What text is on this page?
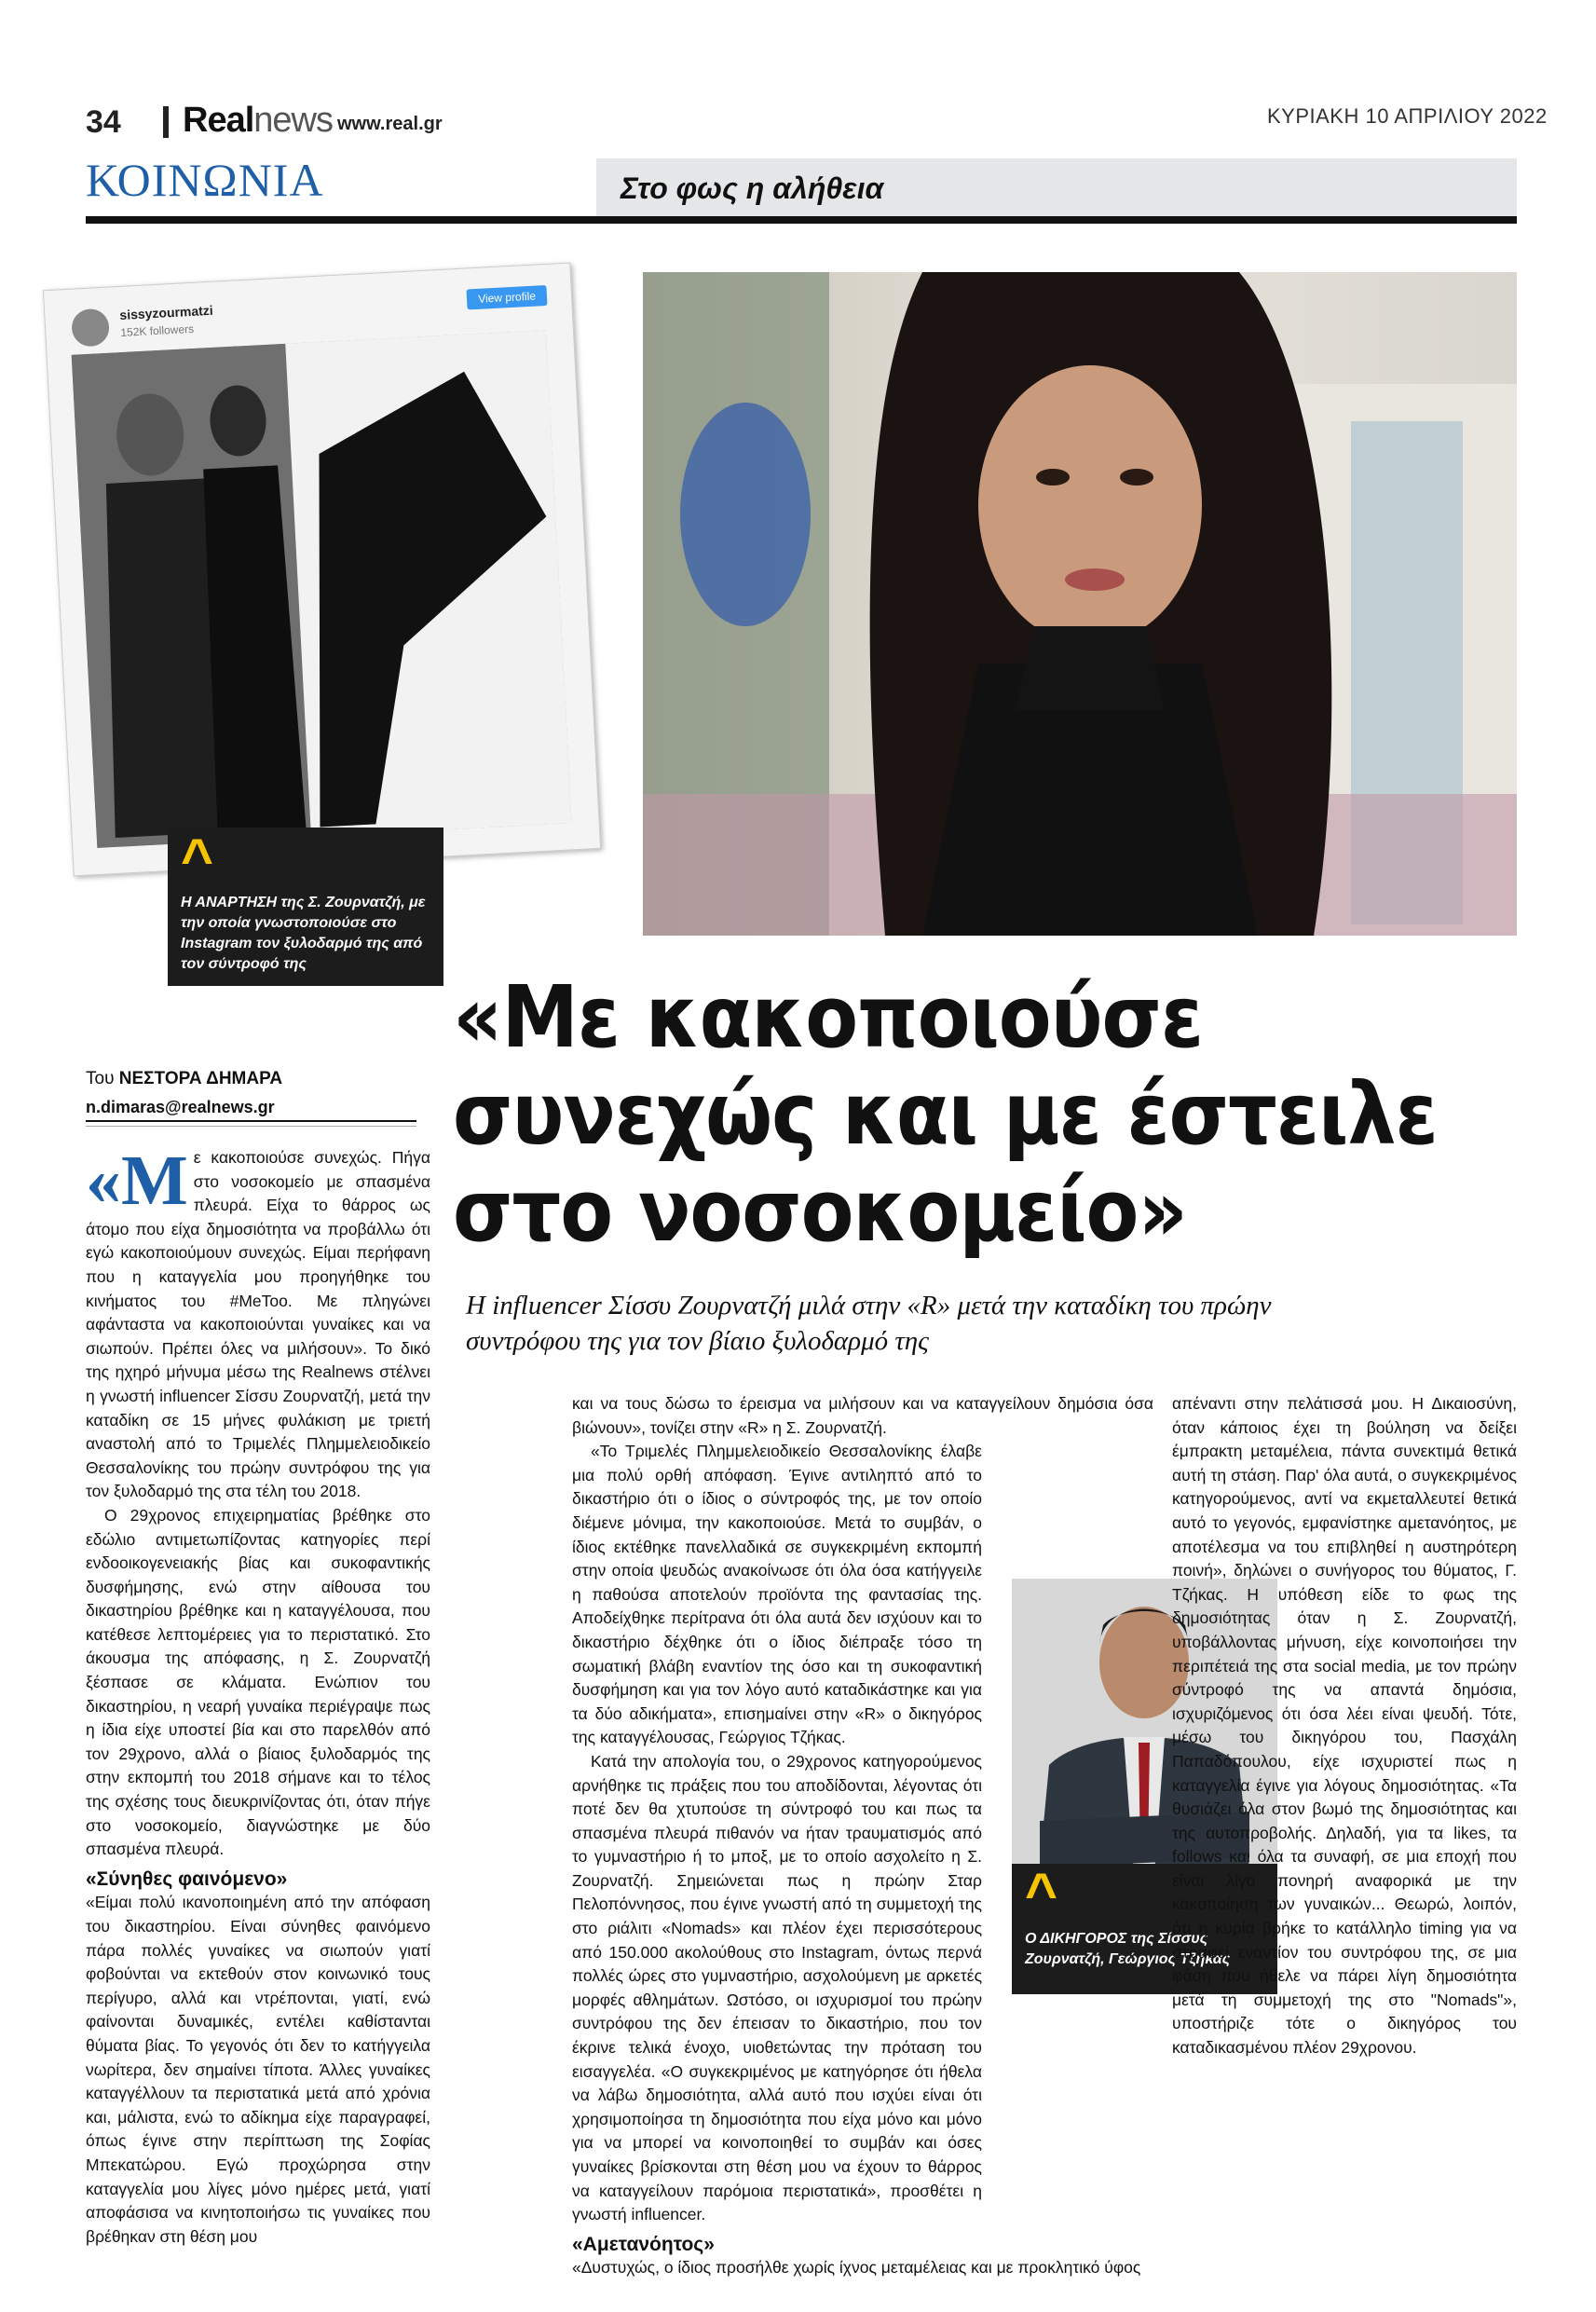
34 Realnews www.real.gr	ΚΥΡΙΑΚΗ 10 ΑΠΡΙΛΙΟΥ 2022
ΚΟΙΝΩΝΙΑ	Στο φως η αλήθεια
sissyzourmatzi
152K followers
View profile
^
Η ΑΝΑΡΤΗΣΗ της Σ. Ζουρνατζή, με την οποία γνωστοποιούσε στο Instagram τον ξυλοδαρμό της από τον σύντροφό της
«Με κακοποιούσε συνεχώς και με έστειλε στο νοσοκομείο»
Η influencer Σίσσυ Ζουρνατζή μιλά στην «R» μετά την καταδίκη του πρώην συντρόφου της για τον βίαιο ξυλοδαρμό της
Του ΝΕΣΤΟΡΑ ΔΗΜΑΡΑ
n.dimaras@realnews.gr
«Μ ε κακοποιούσε συνεχώς. Πήγα στο νοσοκομείο με σπασμένα πλευρά. Είχα το θάρρος ως άτομο που είχα δημοσιότητα να προβάλλω ότι εγώ κακοποιούμουν συνεχώς. Είμαι περήφανη που η καταγγελία μου προηγήθηκε του κινήματος του #MeToo. Με πληγώνει αφάνταστα να κακοποιούνται γυναίκες και να σιωπούν. Πρέπει όλες να μιλήσουν». Το δικό της ηχηρό μήνυμα μέσω της Realnews στέλνει η γνωστή influencer Σίσσυ Ζουρνατζή, μετά την καταδίκη σε 15 μήνες φυλάκιση με τριετή αναστολή από το Τριμελές Πλημμελειοδικείο Θεσσαλονίκης του πρώην συντρόφου της για τον ξυλοδαρμό της στα τέλη του 2018.

Ο 29χρονος επιχειρηματίας βρέθηκε στο εδώλιο αντιμετωπίζοντας κατηγορίες περί ενδοοικογενειακής βίας και συκοφαντικής δυσφήμησης, ενώ στην αίθουσα του δικαστηρίου βρέθηκε και η καταγγέλουσα, που κατέθεσε λεπτομέρειες για το περιστατικό. Στο άκουσμα της απόφασης, η Σ. Ζουρνατζή ξέσπασε σε κλάματα. Ενώπιον του δικαστηρίου, η νεαρή γυναίκα περιέγραψε πως η ίδια είχε υποστεί βία και στο παρελθόν από τον 29χρονο, αλλά ο βίαιος ξυλοδαρμός της στην εκπομπή του 2018 σήμανε και το τέλος της σχέσης τους διευκρινίζοντας ότι, όταν πήγε στο νοσοκομείο, διαγνώστηκε με δύο σπασμένα πλευρά.

«Σύνηθες φαινόμενο»

«Είμαι πολύ ικανοποιημένη από την απόφαση του δικαστηρίου. Είναι σύνηθες φαινόμενο πάρα πολλές γυναίκες να σιωπούν γιατί φοβούνται να εκτεθούν στον κοινωνικό τους περίγυρο, αλλά και ντρέπονται, γιατί, ενώ φαίνονται δυναμικές, εντέλει καθίστανται θύματα βίας. Το γεγονός ότι δεν το κατήγγειλα νωρίτερα, δεν σημαίνει τίποτα. Άλλες γυναίκες καταγγέλλουν τα περιστατικά μετά από χρόνια και, μάλιστα, ενώ το αδίκημα είχε παραγραφεί, όπως έγινε στην περίπτωση της Σοφίας Μπεκατώρου. Εγώ προχώρησα στην καταγγελία μου λίγες μόνο ημέρες μετά, γιατί αποφάσισα να κινητοποιήσω τις γυναίκες που βρέθηκαν στη θέση μου

και να τους δώσω το έρεισμα να μιλήσουν και να καταγγείλουν δημόσια όσα βιώνουν», τονίζει στην «R» η Σ. Ζουρνατζή.

«Το Τριμελές Πλημμελειοδικείο Θεσσαλονίκης έλαβε μια πολύ ορθή απόφαση. Έγινε αντιληπτό από το δικαστήριο ότι ο ίδιος ο σύντροφός της, με τον οποίο διέμενε μόνιμα, την κακοποιούσε. Μετά το συμβάν, ο ίδιος εκτέθηκε πανελλαδικά σε συγκεκριμένη εκπομπή στην οποία ψευδώς ανακοίνωσε ότι όλα όσα κατήγγειλε η παθούσα αποτελούν προϊόντα της φαντασίας της. Αποδείχθηκε περίτρανα ότι όλα αυτά δεν ισχύουν και το δικαστήριο δέχθηκε ότι ο ίδιος διέπραξε τόσο τη σωματική βλάβη εναντίον της όσο και τη συκοφαντική δυσφήμηση και για τον λόγο αυτό καταδικάστηκε και για τα δύο αδικήματα», επισημαίνει στην «R» ο δικηγόρος της καταγγέλουσας, Γεώργιος Τζήκας.

Κατά την απολογία του, ο 29χρονος κατηγορούμενος αρνήθηκε τις πράξεις που του αποδίδονται, λέγοντας ότι ποτέ δεν θα χτυπούσε τη σύντροφό του και πως τα σπασμένα πλευρά πιθανόν να ήταν τραυματισμός από το γυμναστήριο ή το μποξ, με το οποίο ασχολείτο η Σ. Ζουρνατζή. Σημειώνεται πως η πρώην Σταρ Πελοπόννησος, που έγινε γνωστή από τη συμμετοχή της στο ριάλιτι «Nomads» και πλέον έχει περισσότερους από 150.000 ακολούθους στο Instagram, όντως περνά πολλές ώρες στο γυμναστήριο, ασχολούμενη με αρκετές μορφές αθλημάτων. Ωστόσο, οι ισχυρισμοί του πρώην συντρόφου της δεν έπεισαν το δικαστήριο, που τον έκρινε τελικά ένοχο, υιοθετώντας την πρόταση του εισαγγελέα. «Ο συγκεκριμένος με κατηγόρησε ότι ήθελα να λάβω δημοσιότητα, αλλά αυτό που ισχύει είναι ότι χρησιμοποίησα τη δημοσιότητα που είχα μόνο και μόνο για να μπορεί να κοινοποιηθεί το συμβάν και όσες γυναίκες βρίσκονται στη θέση μου να έχουν το θάρρος να καταγγείλουν παρόμοια περιστατικά», προσθέτει η γνωστή influencer.

«Αμετανόητος»

«Δυστυχώς, ο ίδιος προσήλθε χωρίς ίχνος μεταμέλειας και με προκλητικό ύφος

^
Ο ΔΙΚΗΓΟΡΟΣ της Σίσσυς Ζουρνατζή, Γεώργιος Τζήκας

απέναντι στην πελάτισσά μου. Η Δικαιοσύνη, όταν κάποιος έχει τη βούληση να δείξει έμπρακτη μεταμέλεια, πάντα συνεκτιμά θετικά αυτή τη στάση. Παρ' όλα αυτά, ο συγκεκριμένος κατηγορούμενος, αντί να εκμεταλλευτεί θετικά αυτό το γεγονός, εμφανίστηκε αμετανόητος, με αποτέλεσμα να του επιβληθεί η αυστηρότερη ποινή», δηλώνει ο συνήγορος του θύματος, Γ. Τζήκας. Η υπόθεση είδε το φως της δημοσιότητας όταν η Σ. Ζουρνατζή, υποβάλλοντας μήνυση, είχε κοινοποιήσει την περιπέτειά της στα social media, με τον πρώην σύντροφό της να απαντά δημόσια, ισχυριζόμενος ότι όσα λέει είναι ψευδή. Τότε, μέσω του δικηγόρου του, Πασχάλη Παπαδόπουλου, είχε ισχυριστεί πως η καταγγελία έγινε για λόγους δημοσιότητας. «Τα θυσιάζει όλα στον βωμό της δημοσιότητας και της αυτοπροβολής. Δηλαδή, για τα likes, τα follows και όλα τα συναφή, σε μια εποχή που είναι λίγο πονηρή αναφορικά με την κακοποίηση των γυναικών... Θεωρώ, λοιπόν, ότι η κυρία βρήκε το κατάλληλο timing για να στραφεί εναντίον του συντρόφου της, σε μια φάση που ήθελε να πάρει λίγη δημοσιότητα μετά τη συμμετοχή της στο "Nomads"», υποστήριζε τότε ο δικηγόρος του καταδικασμένου πλέον 29χρονου.
